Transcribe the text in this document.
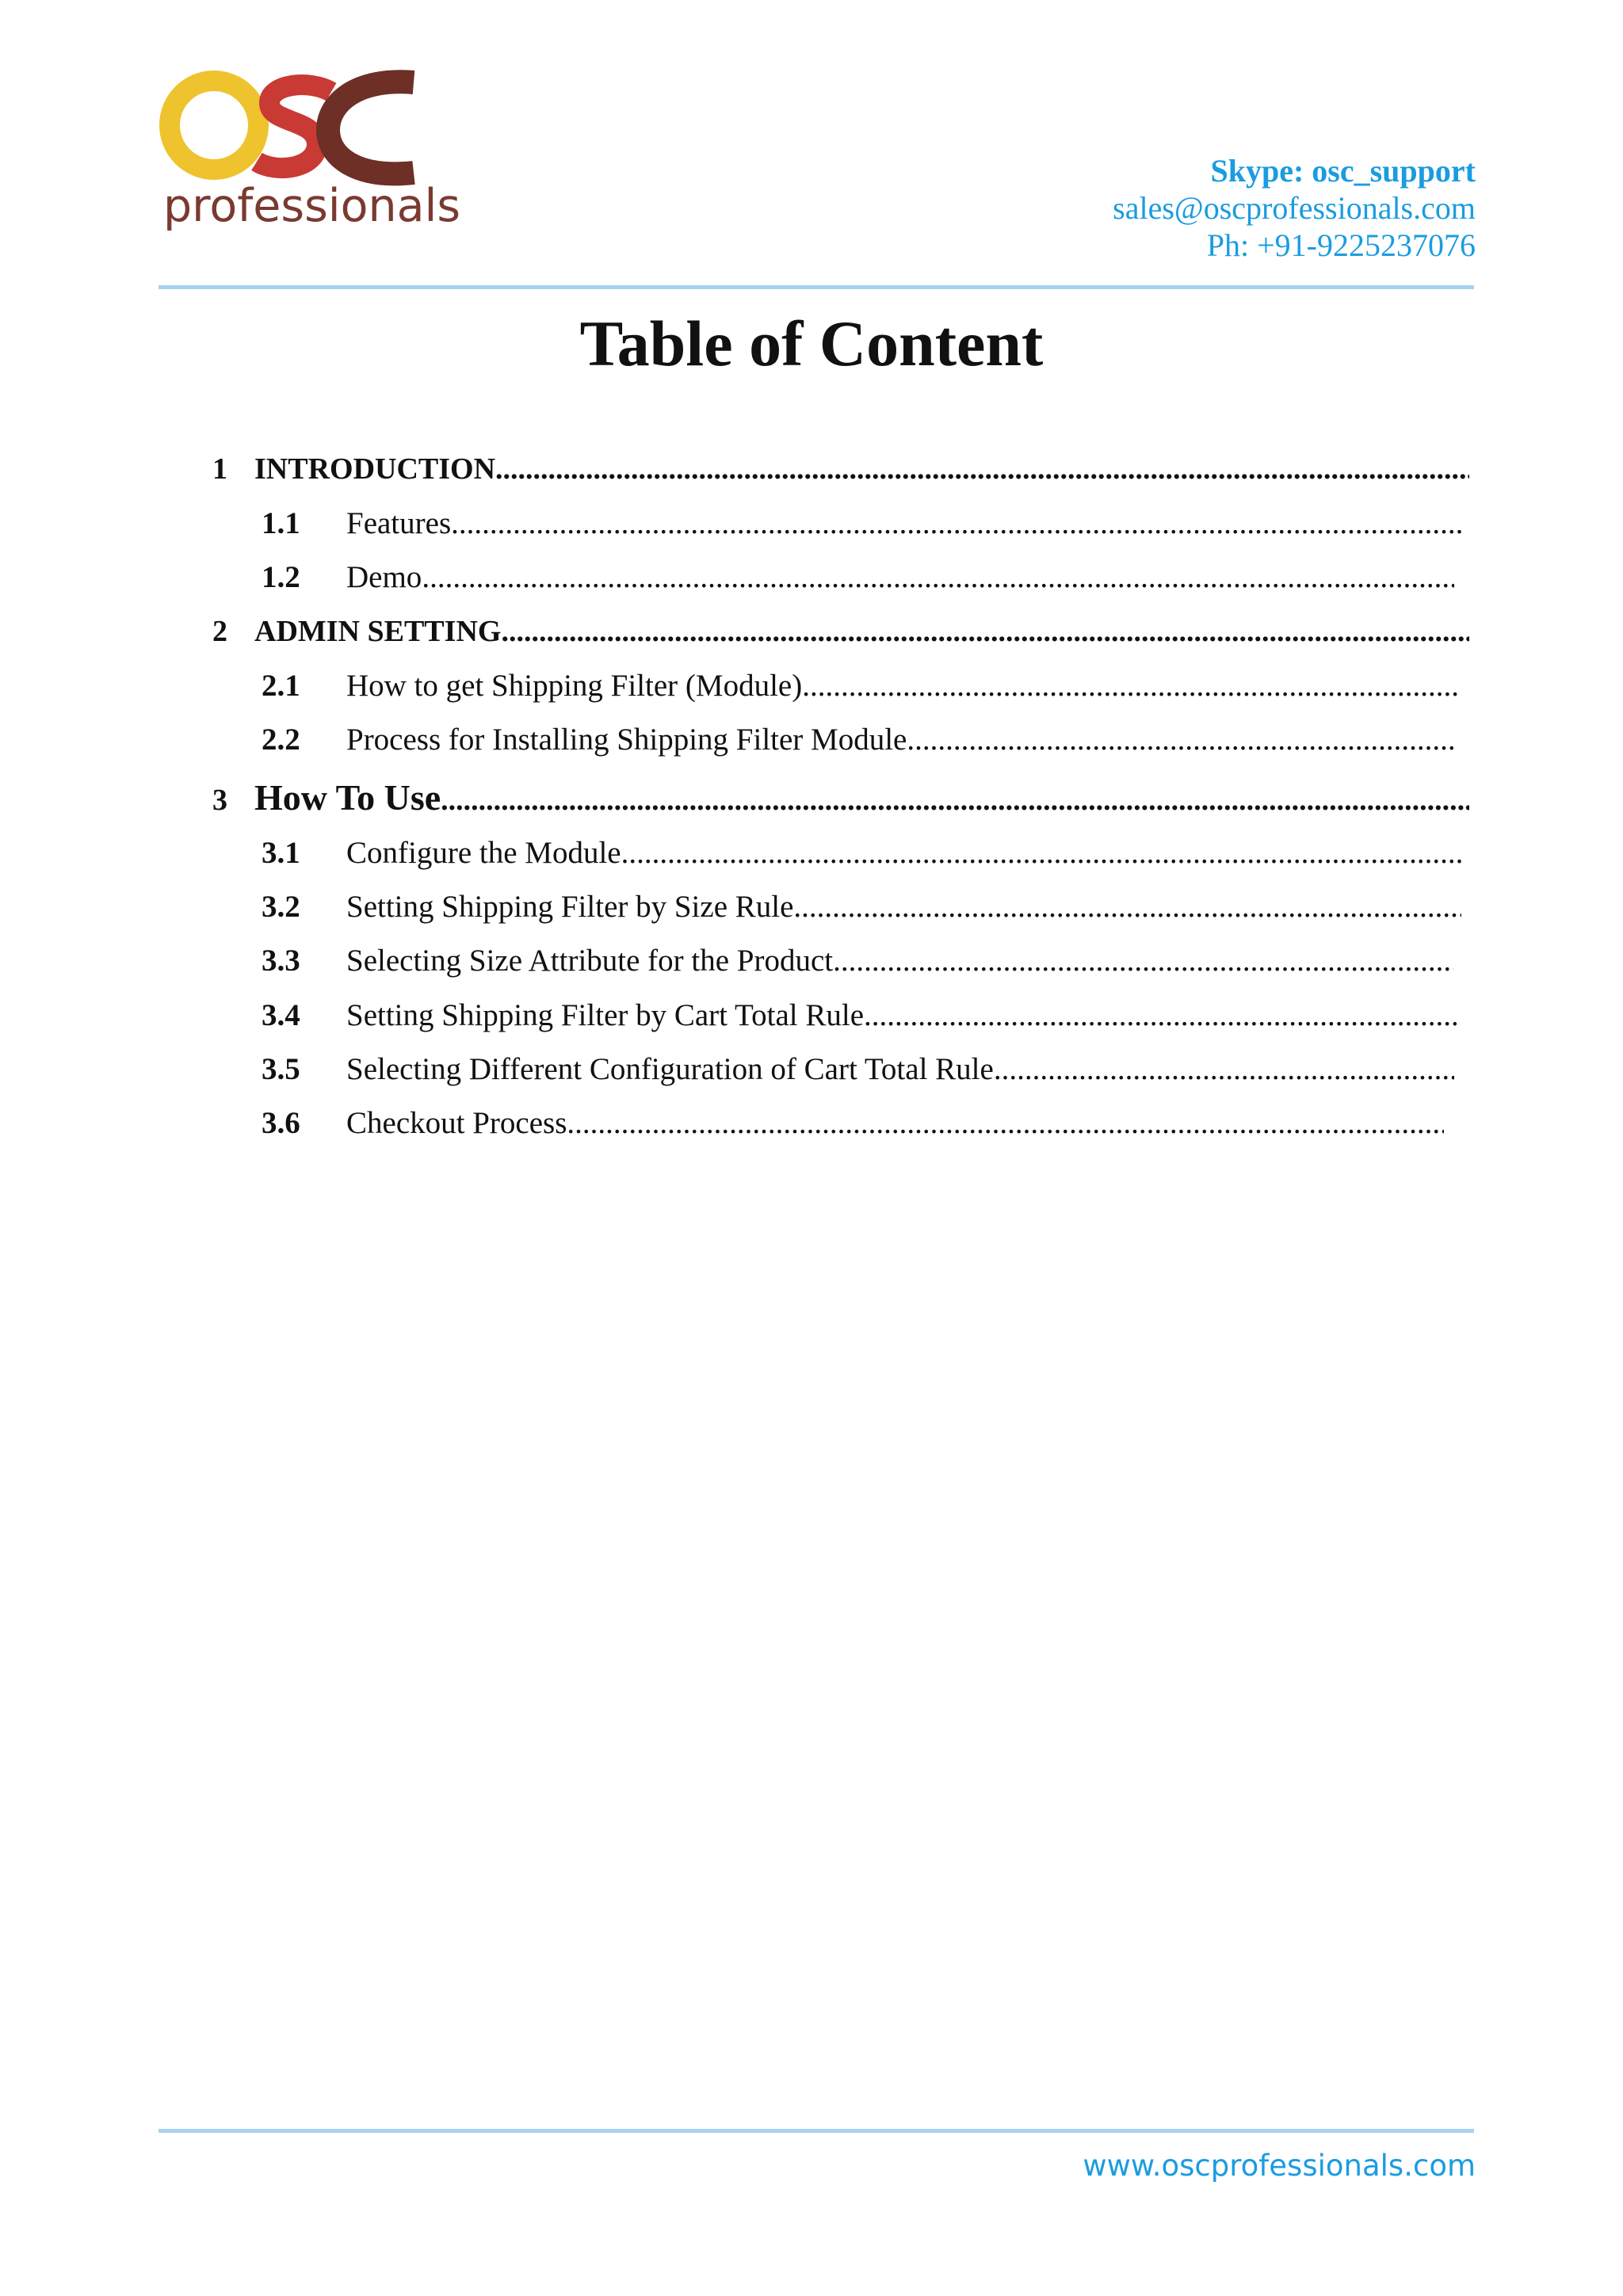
professionals
Skype: osc_support
sales@oscprofessionals.com
Ph: +91-9225237076
Table of Content
1 INTRODUCTION
.....
1.1	Features
.....
1.2	Demo
.....
2 ADMIN SETTING
.....
2.1	How to get Shipping Filter (Module)
.....
2.2	Process for Installing Shipping Filter Module
.....
3 How To Use
.....
3.1	Configure the Module
.....
3.2	Setting Shipping Filter by Size Rule
.....
3.3	Selecting Size Attribute for the Product
.....
3.4	Setting Shipping Filter by Cart Total Rule
.....
3.5	Selecting Different Configuration of Cart Total Rule
.....
3.6	Checkout Process
.....
www.oscprofessionals.com
